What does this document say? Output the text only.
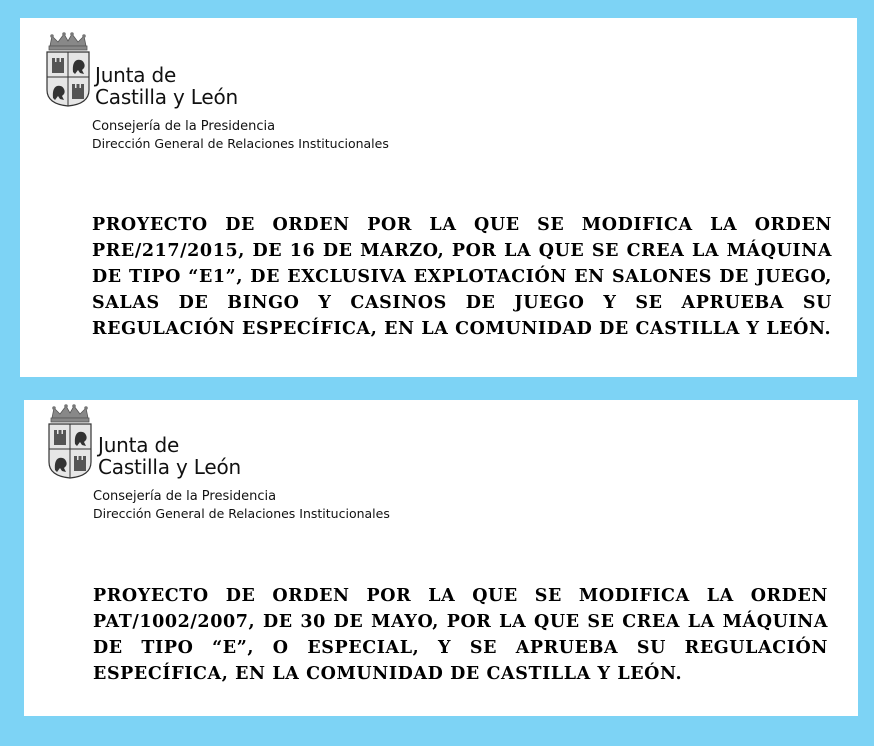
Junta de
Castilla y León
Consejería de la Presidencia
Dirección General de Relaciones Institucionales

PROYECTO DE ORDEN POR LA QUE SE MODIFICA LA ORDEN PRE/217/2015, DE 16 DE MARZO, POR LA QUE SE CREA LA MÁQUINA DE TIPO “E1”, DE EXCLUSIVA EXPLOTACIÓN EN SALONES DE JUEGO, SALAS DE BINGO Y CASINOS DE JUEGO Y SE APRUEBA SU REGULACIÓN ESPECÍFICA, EN LA COMUNIDAD DE CASTILLA Y LEÓN.

Junta de
Castilla y León
Consejería de la Presidencia
Dirección General de Relaciones Institucionales

PROYECTO DE ORDEN POR LA QUE SE MODIFICA LA ORDEN PAT/1002/2007, DE 30 DE MAYO, POR LA QUE SE CREA LA MÁQUINA DE TIPO “E”, O ESPECIAL, Y SE APRUEBA SU REGULACIÓN ESPECÍFICA, EN LA COMUNIDAD DE CASTILLA Y LEÓN.
